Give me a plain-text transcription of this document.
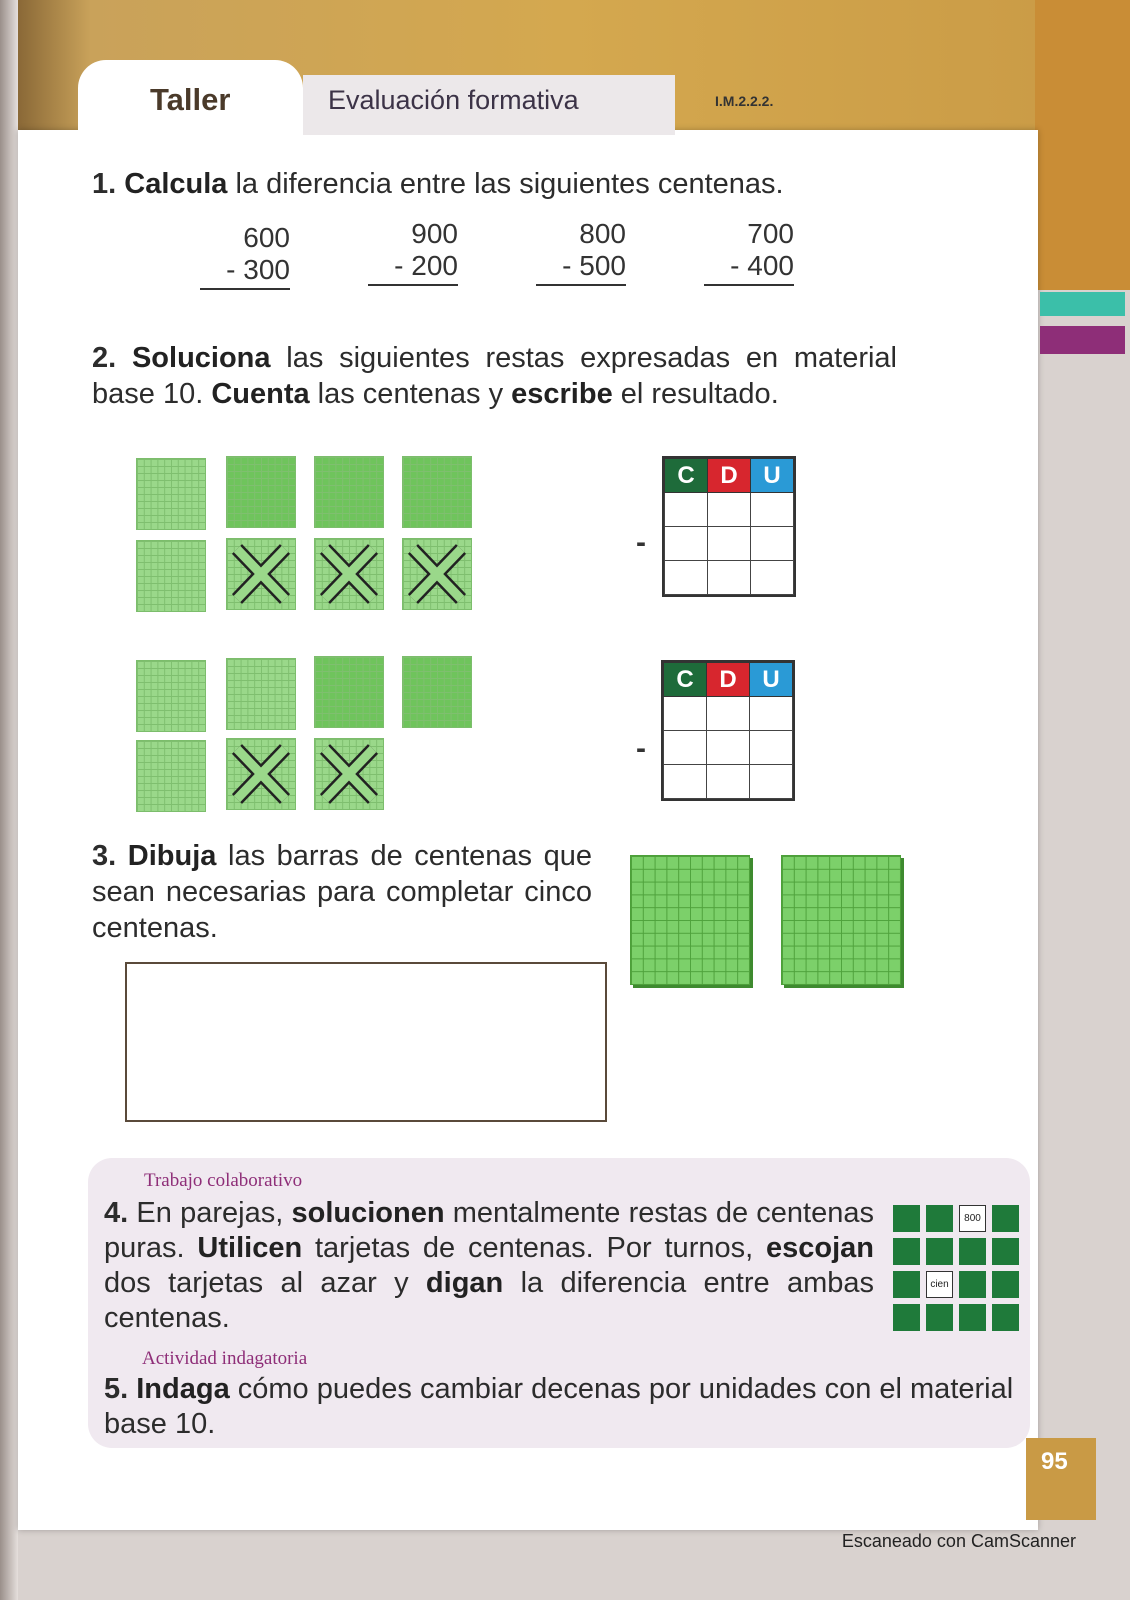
Taller	Evaluación formativa	I.M.2.2.2.
1. Calcula la diferencia entre las siguientes centenas.
600
- 300
900
- 200
800
- 500
700
- 400
2. Soluciona las siguientes restas expresadas en material base 10. Cuenta las centenas y escribe el resultado.
-
C	D	U

-
C	D	U

3. Dibuja las barras de centenas que sean necesarias para completar cinco centenas.
Trabajo colaborativo
4. En parejas, solucionen mentalmente restas de centenas puras. Utilicen tarjetas de centenas. Por turnos, escojan dos tarjetas al azar y digan la diferencia entre ambas centenas.
800
cien
Actividad indagatoria
5. Indaga cómo puedes cambiar decenas por unidades con el material base 10.
95
Escaneado con CamScanner
